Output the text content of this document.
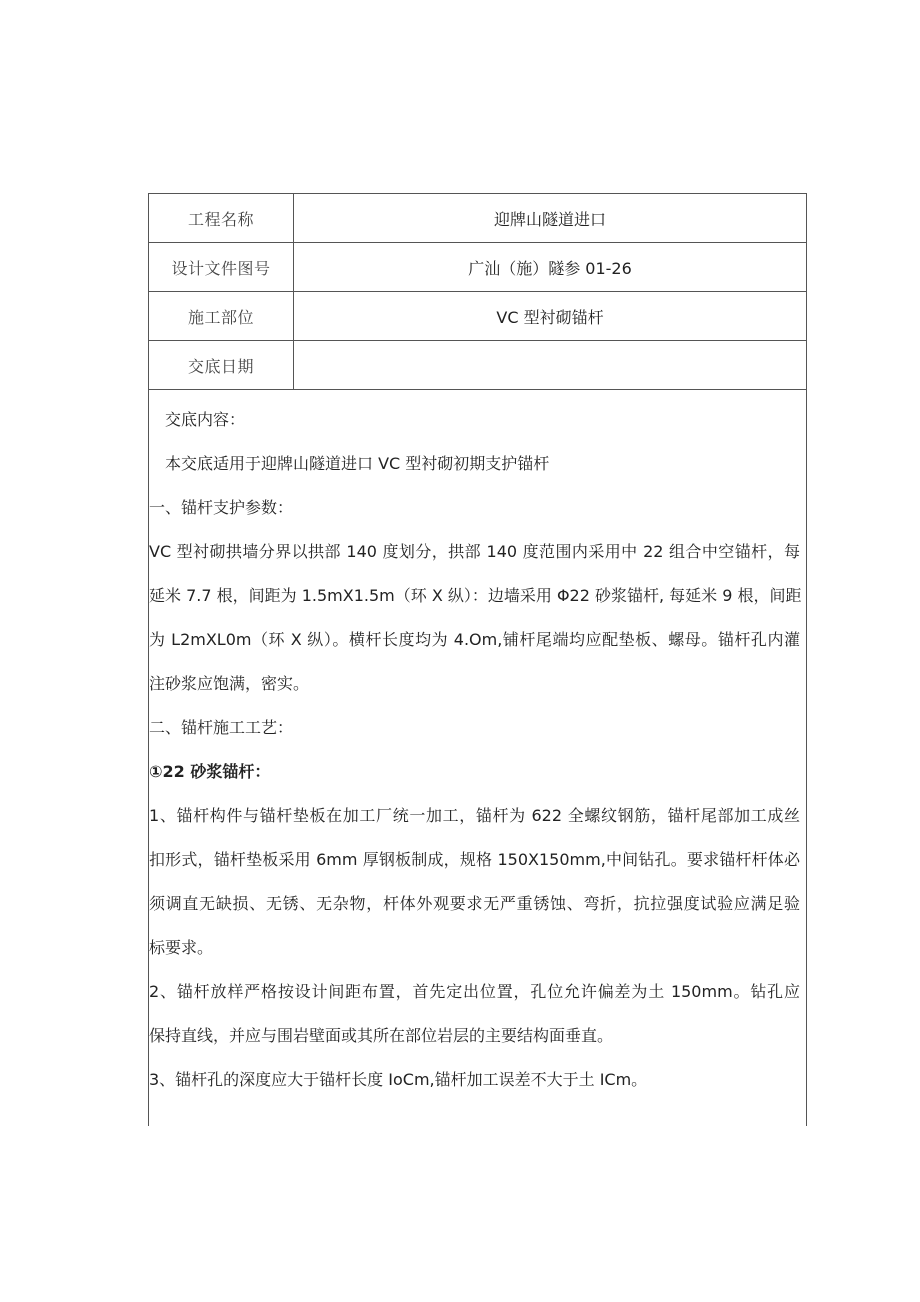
工程名称	迎牌山隧道进口
设计文件图号	广汕（施）隧参 01-26
施工部位	VC 型衬砌锚杆
交底日期
交底内容：
本交底适用于迎牌山隧道进口 VC 型衬砌初期支护锚杆
一、锚杆支护参数：
VC 型衬砌拱墙分界以拱部 140 度划分，拱部 140 度范围内采用中 22 组合中空锚杆，每
延米 7.7 根，间距为 1.5mX1.5m（环 X 纵）：边墙采用 Φ22 砂浆锚杆, 每延米 9 根，间距
为 L2mXL0m（环 X 纵）。横杆长度均为 4.Om,铺杆尾端均应配垫板、螺母。锚杆孔内灌
注砂浆应饱满，密实。
二、锚杆施工工艺：
①22 砂浆锚杆：
1、锚杆构件与锚杆垫板在加工厂统一加工，锚杆为 622 全螺纹钢筋，锚杆尾部加工成丝
扣形式，锚杆垫板采用 6mm 厚钢板制成，规格 150X150mm,中间钻孔。要求锚杆杆体必
须调直无缺损、无锈、无杂物，杆体外观要求无严重锈蚀、弯折，抗拉强度试验应满足验
标要求。
2、锚杆放样严格按设计间距布置，首先定出位置，孔位允许偏差为土 150mm。钻孔应
保持直线，并应与围岩壁面或其所在部位岩层的主要结构面垂直。
3、锚杆孔的深度应大于锚杆长度 IoCm,锚杆加工误差不大于土 ICm。
